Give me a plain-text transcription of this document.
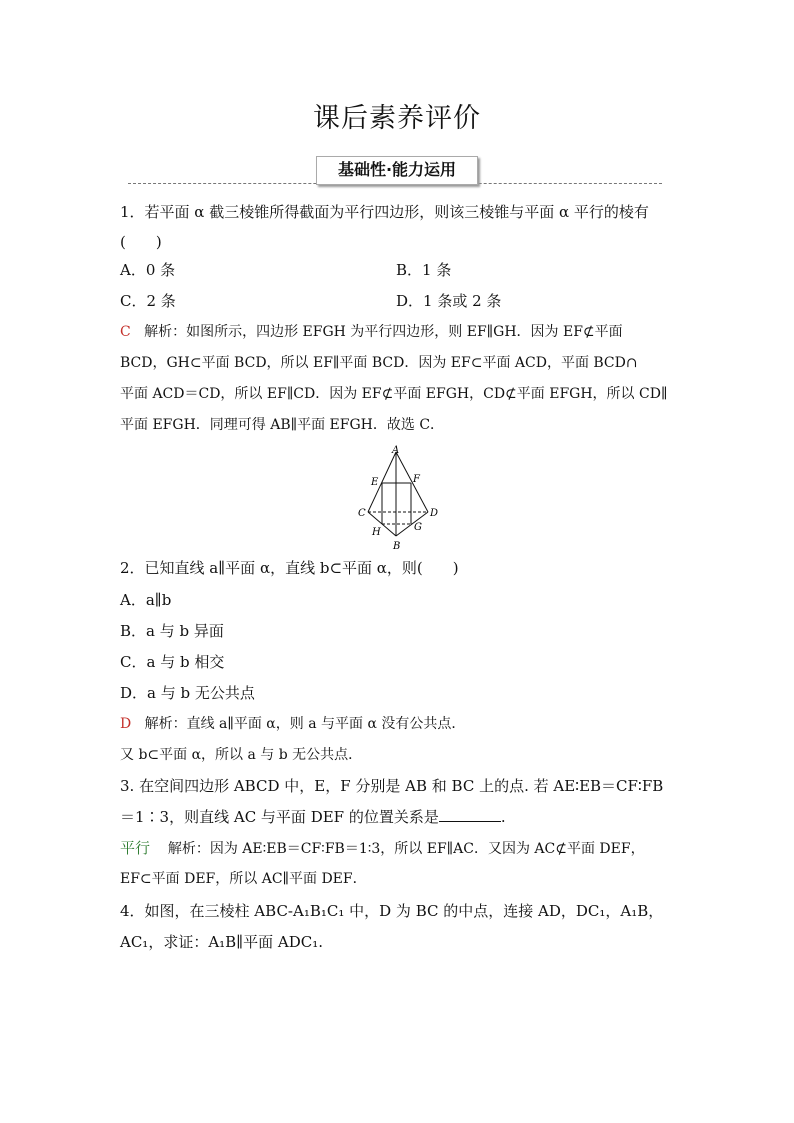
课后素养评价
基础性·能力运用
1．若平面 α 截三棱锥所得截面为平行四边形，则该三棱锥与平面 α 平行的棱有
(　　)
A．0 条	B．1 条
C．2 条	D．1 条或 2 条
C 解析：如图所示，四边形 EFGH 为平行四边形，则 EF∥GH．因为 EF⊄平面
BCD，GH⊂平面 BCD，所以 EF∥平面 BCD．因为 EF⊂平面 ACD，平面 BCD∩
平面 ACD＝CD，所以 EF∥CD．因为 EF⊄平面 EFGH，CD⊄平面 EFGH，所以 CD∥
平面 EFGH．同理可得 AB∥平面 EFGH．故选 C．
A
B
C	D
E	F
G
H
2．已知直线 a∥平面 α，直线 b⊂平面 α，则(　　)
A．a∥b
B．a 与 b 异面
C．a 与 b 相交
D．a 与 b 无公共点
D 解析：直线 a∥平面 α，则 a 与平面 α 没有公共点．
又 b⊂平面 α，所以 a 与 b 无公共点．
3. 在空间四边形 ABCD 中，E，F 分别是 AB 和 BC 上的点. 若 AE∶EB＝CF∶FB
＝1∶3，则直线 AC 与平面 DEF 的位置关系是	.
平行 解析：因为 AE∶EB＝CF∶FB＝1∶3，所以 EF∥AC．又因为 AC⊄平面 DEF，
EF⊂平面 DEF，所以 AC∥平面 DEF．
4．如图，在三棱柱 ABC-A₁B₁C₁ 中，D 为 BC 的中点，连接 AD，DC₁，A₁B，
AC₁，求证：A₁B∥平面 ADC₁.
